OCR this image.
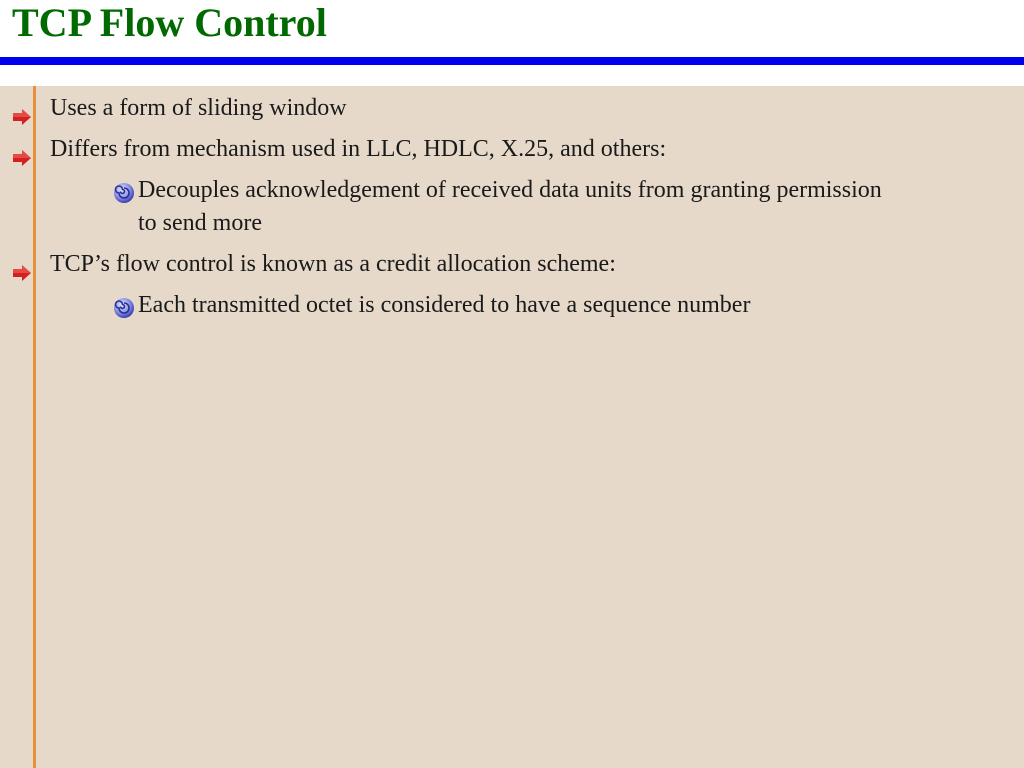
TCP Flow Control
Uses a form of sliding window
Differs from mechanism used in LLC, HDLC, X.25, and others:
Decouples acknowledgement of received data units from granting permission to send more
TCP’s flow control is known as a credit allocation scheme:
Each transmitted octet is considered to have a sequence number
